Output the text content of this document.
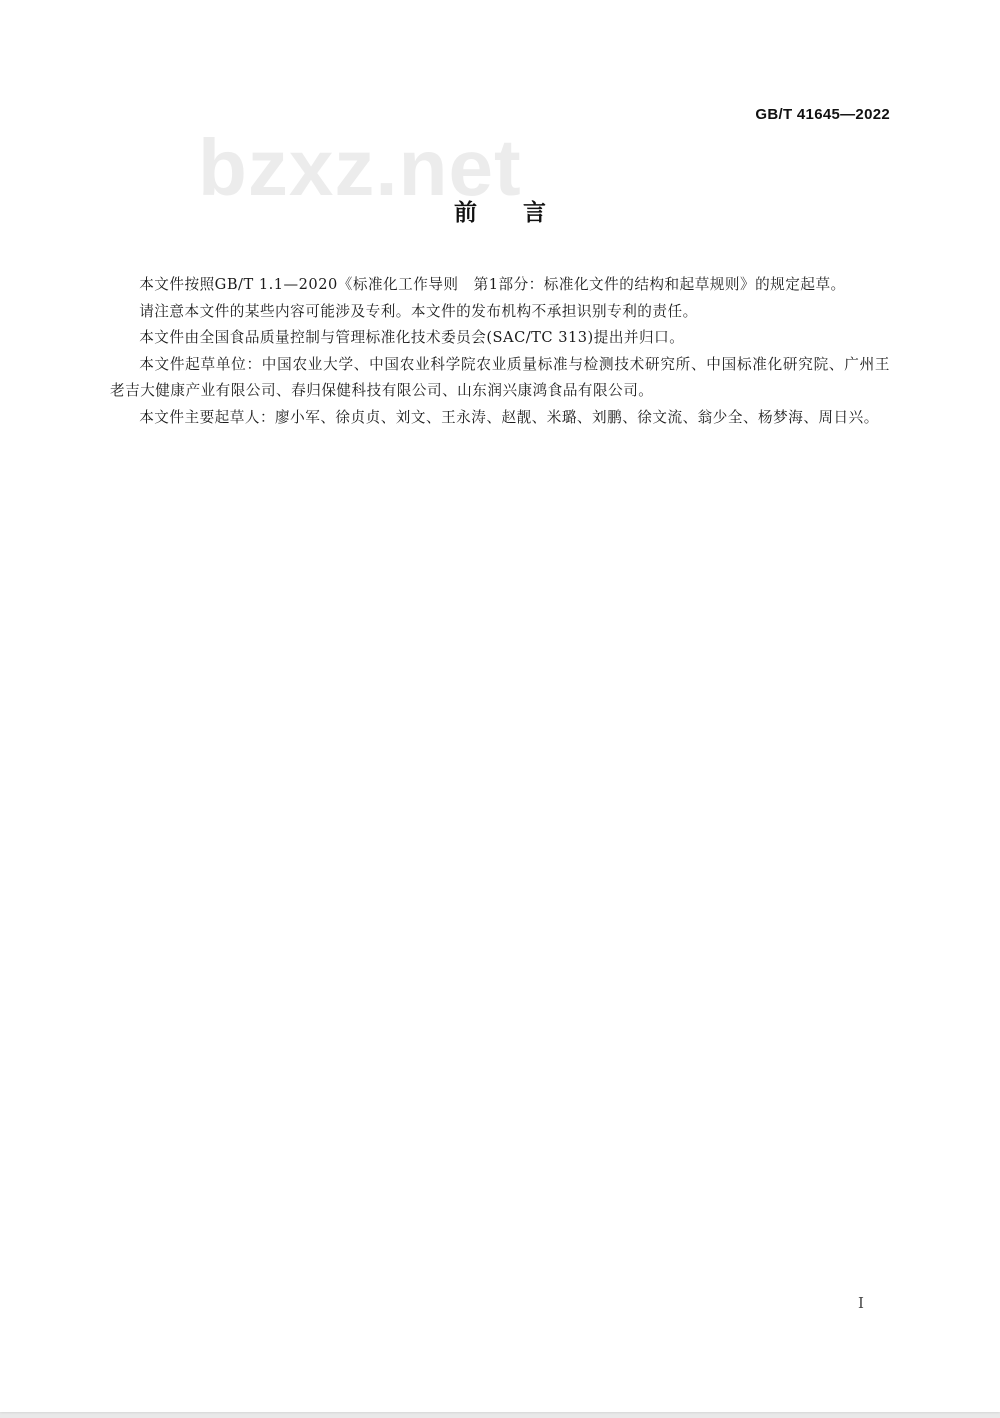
GB/T 41645—2022
bzxz.net
前言

本文件按照GB/T 1.1—2020《标准化工作导则　第1部分：标准化文件的结构和起草规则》的规定起草。

请注意本文件的某些内容可能涉及专利。本文件的发布机构不承担识别专利的责任。

本文件由全国食品质量控制与管理标准化技术委员会(SAC/TC 313)提出并归口。

本文件起草单位：中国农业大学、中国农业科学院农业质量标准与检测技术研究所、中国标准化研究院、广州王老吉大健康产业有限公司、春归保健科技有限公司、山东润兴康鸿食品有限公司。

本文件主要起草人：廖小军、徐贞贞、刘文、王永涛、赵靓、米璐、刘鹏、徐文流、翁少全、杨梦海、周日兴。

I
